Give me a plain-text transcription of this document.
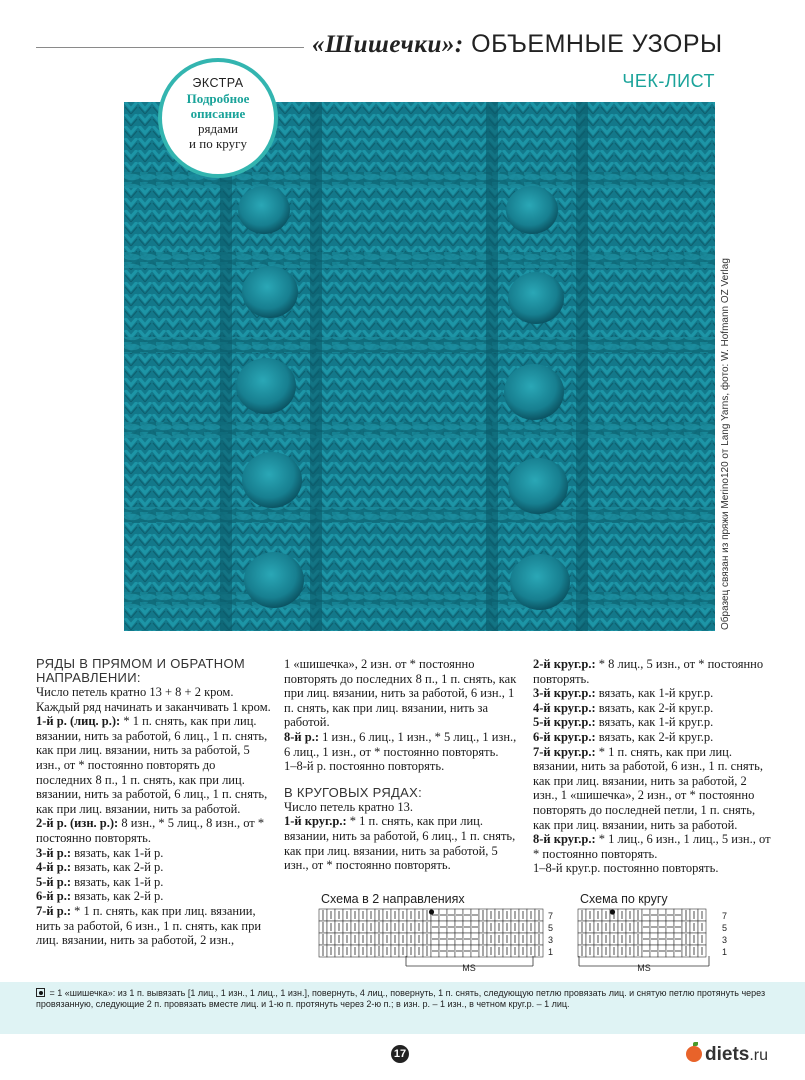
«Шишечки»: ОБЪЕМНЫЕ УЗОРЫ
ЧЕК-ЛИСТ
ЭКСТРА
Подробное
описание
рядами
и по кругу
Образец связан из пряжи Merino120 от Lang Yarns, фото: W. Hofmann OZ Verlag
РЯДЫ В ПРЯМОМ И ОБРАТНОМ
НАПРАВЛЕНИИ:

Число петель кратно 13 + 8 + 2 кром. Каждый ряд начинать и заканчивать 1 кром.

1-й р. (лиц. р.): * 1 п. снять, как при лиц. вязании, нить за работой, 6 лиц., 1 п. снять, как при лиц. вязании, нить за работой, 5 изн., от * постоянно повторять до последних 8 п., 1 п. снять, как при лиц. вязании, нить за работой, 6 лиц., 1 п. снять, как при лиц. вязании, нить за работой.

2-й р. (изн. р.): 8 изн., * 5 лиц., 8 изн., от * постоянно повторять.

3-й р.: вязать, как 1-й р.

4-й р.: вязать, как 2-й р.

5-й р.: вязать, как 1-й р.

6-й р.: вязать, как 2-й р.

7-й р.: * 1 п. снять, как при лиц. вязании, нить за работой, 6 изн., 1 п. снять, как при лиц. вязании, нить за работой, 2 изн.,

1 «шишечка», 2 изн. от * постоянно повторять до последних 8 п., 1 п. снять, как при лиц. вязании, нить за работой, 6 изн., 1 п. снять, как при лиц. вязании, нить за работой.

8-й р.: 1 изн., 6 лиц., 1 изн., * 5 лиц., 1 изн., 6 лиц., 1 изн., от * постоянно повторять.

1–8-й р. постоянно повторять.

В КРУГОВЫХ РЯДАХ:

Число петель кратно 13.

1-й круг.р.: * 1 п. снять, как при лиц. вязании, нить за работой, 6 лиц., 1 п. снять, как при лиц. вязании, нить за работой, 5 изн., от * постоянно повторять.

2-й круг.р.: * 8 лиц., 5 изн., от * постоянно повторять.

3-й круг.р.: вязать, как 1-й круг.р.

4-й круг.р.: вязать, как 2-й круг.р.

5-й круг.р.: вязать, как 1-й круг.р.

6-й круг.р.: вязать, как 2-й круг.р.

7-й круг.р.: * 1 п. снять, как при лиц. вязании, нить за работой, 6 изн., 1 п. снять, как при лиц. вязании, нить за работой, 2 изн., 1 «шишечка», 2 изн., от * постоянно повторять до последней петли, 1 п. снять, как при лиц. вязании, нить за работой.

8-й круг.р.: * 1 лиц., 6 изн., 1 лиц., 5 изн., от * постоянно повторять.

1–8-й круг.р. постоянно повторять.

Схема в 2 направлениях	Схема по кругу
MS
7
5
3
1
MS
7
5
3
1
= 1 «шишечка»: из 1 п. вывязать [1 лиц., 1 изн., 1 лиц., 1 изн.], повернуть, 4 лиц., повернуть, 1 п. снять, следующую петлю провязать лиц. и снятую петлю протянуть через провязанную, следующие 2 п. провязать вместе лиц. и 1-ю п. протянуть через 2-ю п.; в изн. р. – 1 изн., в четном круг.р. – 1 лиц.
17	diets.ru
